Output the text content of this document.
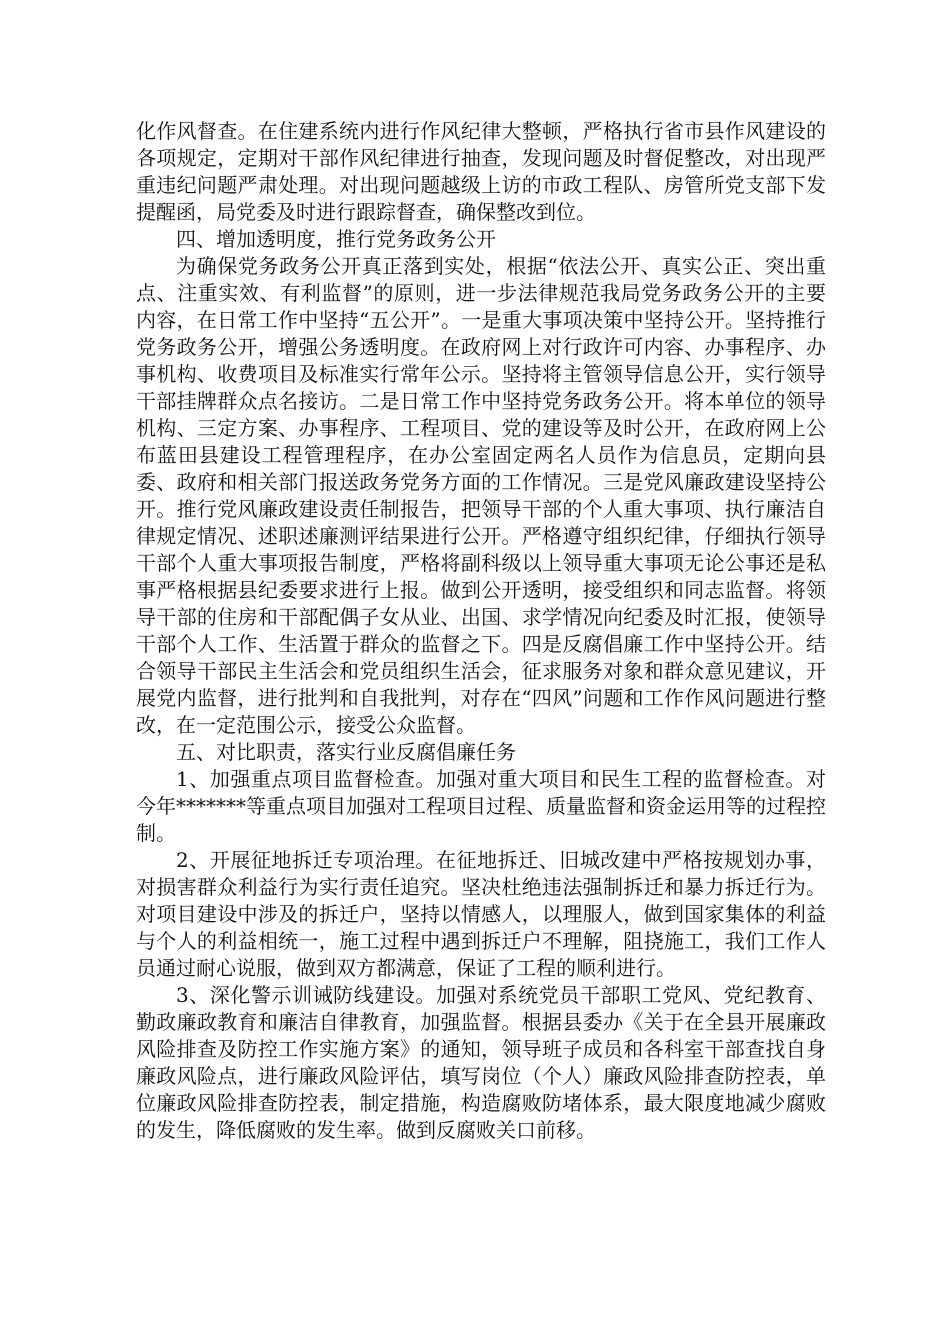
化作风督查。在住建系统内进行作风纪律大整顿，严格执行省市县作风建设的各项规定，定期对干部作风纪律进行抽查，发现问题及时督促整改，对出现严重违纪问题严肃处理。对出现问题越级上访的市政工程队、房管所党支部下发提醒函，局党委及时进行跟踪督查，确保整改到位。

四、增加透明度，推行党务政务公开

为确保党务政务公开真正落到实处，根据“依法公开、真实公正、突出重点、注重实效、有利监督”的原则，进一步法律规范我局党务政务公开的主要内容，在日常工作中坚持“五公开”。一是重大事项决策中坚持公开。坚持推行党务政务公开，增强公务透明度。在政府网上对行政许可内容、办事程序、办事机构、收费项目及标准实行常年公示。坚持将主管领导信息公开，实行领导干部挂牌群众点名接访。二是日常工作中坚持党务政务公开。将本单位的领导机构、三定方案、办事程序、工程项目、党的建设等及时公开，在政府网上公布蓝田县建设工程管理程序，在办公室固定两名人员作为信息员，定期向县委、政府和相关部门报送政务党务方面的工作情况。三是党风廉政建设坚持公开。推行党风廉政建设责任制报告，把领导干部的个人重大事项、执行廉洁自律规定情况、述职述廉测评结果进行公开。严格遵守组织纪律，仔细执行领导干部个人重大事项报告制度，严格将副科级以上领导重大事项无论公事还是私事严格根据县纪委要求进行上报。做到公开透明，接受组织和同志监督。将领导干部的住房和干部配偶子女从业、出国、求学情况向纪委及时汇报，使领导干部个人工作、生活置于群众的监督之下。四是反腐倡廉工作中坚持公开。结合领导干部民主生活会和党员组织生活会，征求服务对象和群众意见建议，开展党内监督，进行批判和自我批判，对存在“四风”问题和工作作风问题进行整改，在一定范围公示，接受公众监督。

五、对比职责，落实行业反腐倡廉任务

1、加强重点项目监督检查。加强对重大项目和民生工程的监督检查。对今年*******等重点项目加强对工程项目过程、质量监督和资金运用等的过程控制。

2、开展征地拆迁专项治理。在征地拆迁、旧城改建中严格按规划办事，对损害群众利益行为实行责任追究。坚决杜绝违法强制拆迁和暴力拆迁行为。对项目建设中涉及的拆迁户，坚持以情感人，以理服人，做到国家集体的利益与个人的利益相统一，施工过程中遇到拆迁户不理解，阻挠施工，我们工作人员通过耐心说服，做到双方都满意，保证了工程的顺利进行。

3、深化警示训诫防线建设。加强对系统党员干部职工党风、党纪教育、勤政廉政教育和廉洁自律教育，加强监督。根据县委办《关于在全县开展廉政风险排查及防控工作实施方案》的通知，领导班子成员和各科室干部查找自身廉政风险点，进行廉政风险评估，填写岗位（个人）廉政风险排查防控表，单位廉政风险排查防控表，制定措施，构造腐败防堵体系，最大限度地减少腐败的发生，降低腐败的发生率。做到反腐败关口前移。
